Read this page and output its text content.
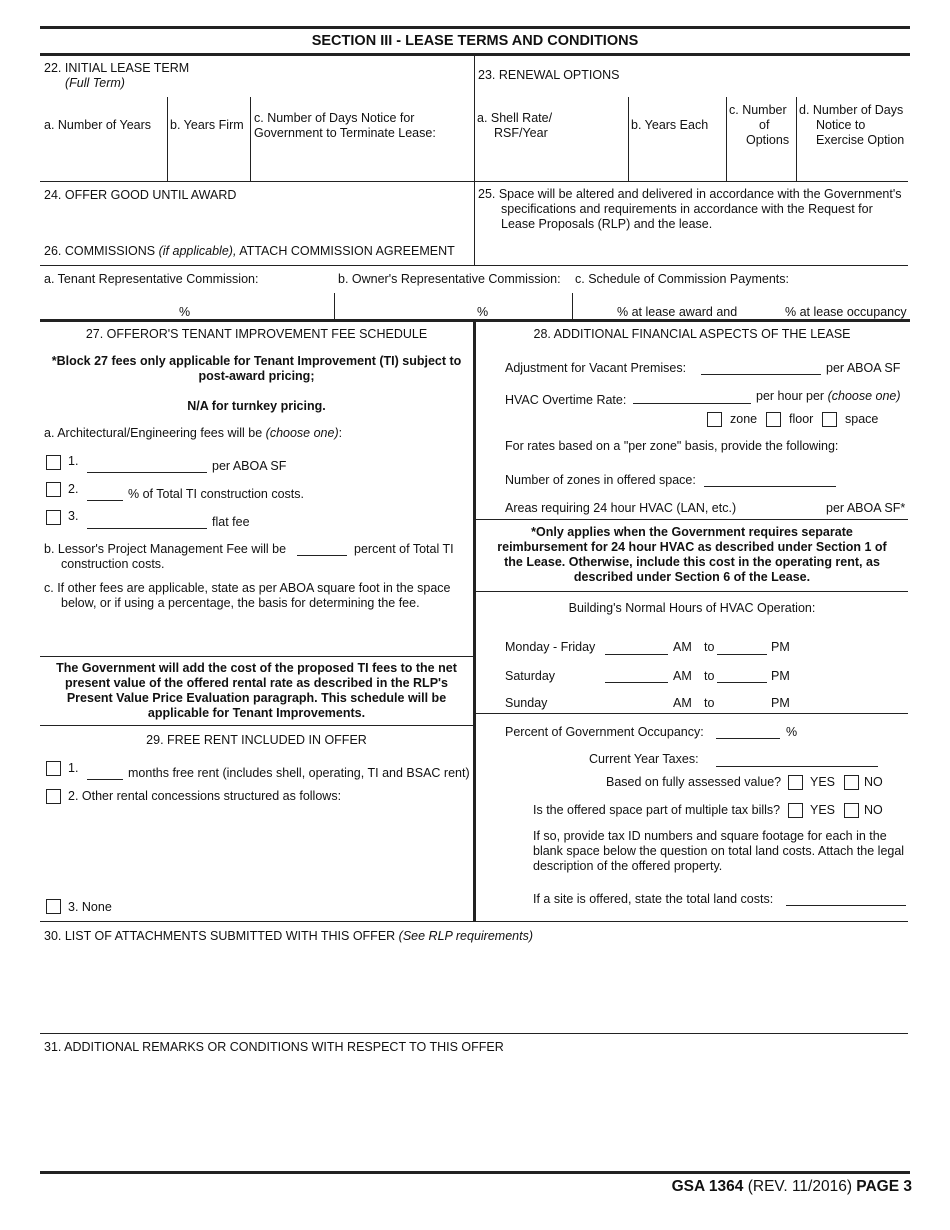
SECTION III - LEASE TERMS AND CONDITIONS
22. INITIAL LEASE TERM
(Full Term)
a. Number of Years b. Years Firm c. Number of Days Notice for
Government to Terminate Lease:
23. RENEWAL OPTIONS
a. Shell Rate/
RSF/Year
b. Years Each
c. Number
of
Options
d. Number of Days
Notice to
Exercise Option
24. OFFER GOOD UNTIL AWARD	25. Space will be altered and delivered in accordance with the Government's
specifications and requirements in accordance with the Request for
Lease Proposals (RLP) and the lease.
26. COMMISSIONS (if applicable), ATTACH COMMISSION AGREEMENT
a. Tenant Representative Commission:	b. Owner's Representative Commission: c. Schedule of Commission Payments:
%	%	% at lease award and	% at lease occupancy
27. OFFEROR'S TENANT IMPROVEMENT FEE SCHEDULE
*Block 27 fees only applicable for Tenant Improvement (TI) subject to
post-award pricing;
N/A for turnkey pricing.
a. Architectural/Engineering fees will be (choose one):
1.	per ABOA SF
2.	% of Total TI construction costs.
3.	flat fee
b. Lessor's Project Management Fee will be	percent of Total TI
construction costs.
c. If other fees are applicable, state as per ABOA square foot in the space
below, or if using a percentage, the basis for determining the fee.
The Government will add the cost of the proposed TI fees to the net
present value of the offered rental rate as described in the RLP's
Present Value Price Evaluation paragraph. This schedule will be
applicable for Tenant Improvements.
29. FREE RENT INCLUDED IN OFFER
1.	months free rent (includes shell, operating, TI and BSAC rent)
2. Other rental concessions structured as follows:
3. None
28. ADDITIONAL FINANCIAL ASPECTS OF THE LEASE
Adjustment for Vacant Premises:	per ABOA SF
HVAC Overtime Rate:	per hour per (choose one)
zone	floor	space
For rates based on a "per zone" basis, provide the following:
Number of zones in offered space:
Areas requiring 24 hour HVAC (LAN, etc.)	per ABOA SF*
*Only applies when the Government requires separate
reimbursement for 24 hour HVAC as described under Section 1 of
the Lease. Otherwise, include this cost in the operating rent, as
described under Section 6 of the Lease.
Building's Normal Hours of HVAC Operation:
Monday - Friday	AM to	PM
Saturday	AM to	PM
Sunday	AM to	PM
Percent of Government Occupancy:	%
Current Year Taxes:
Based on fully assessed value? YES NO
Is the offered space part of multiple tax bills? YES NO
If so, provide tax ID numbers and square footage for each in the
blank space below the question on total land costs. Attach the legal
description of the offered property.
If a site is offered, state the total land costs:
30. LIST OF ATTACHMENTS SUBMITTED WITH THIS OFFER (See RLP requirements)
31. ADDITIONAL REMARKS OR CONDITIONS WITH RESPECT TO THIS OFFER
GSA 1364 (REV. 11/2016) PAGE 3
